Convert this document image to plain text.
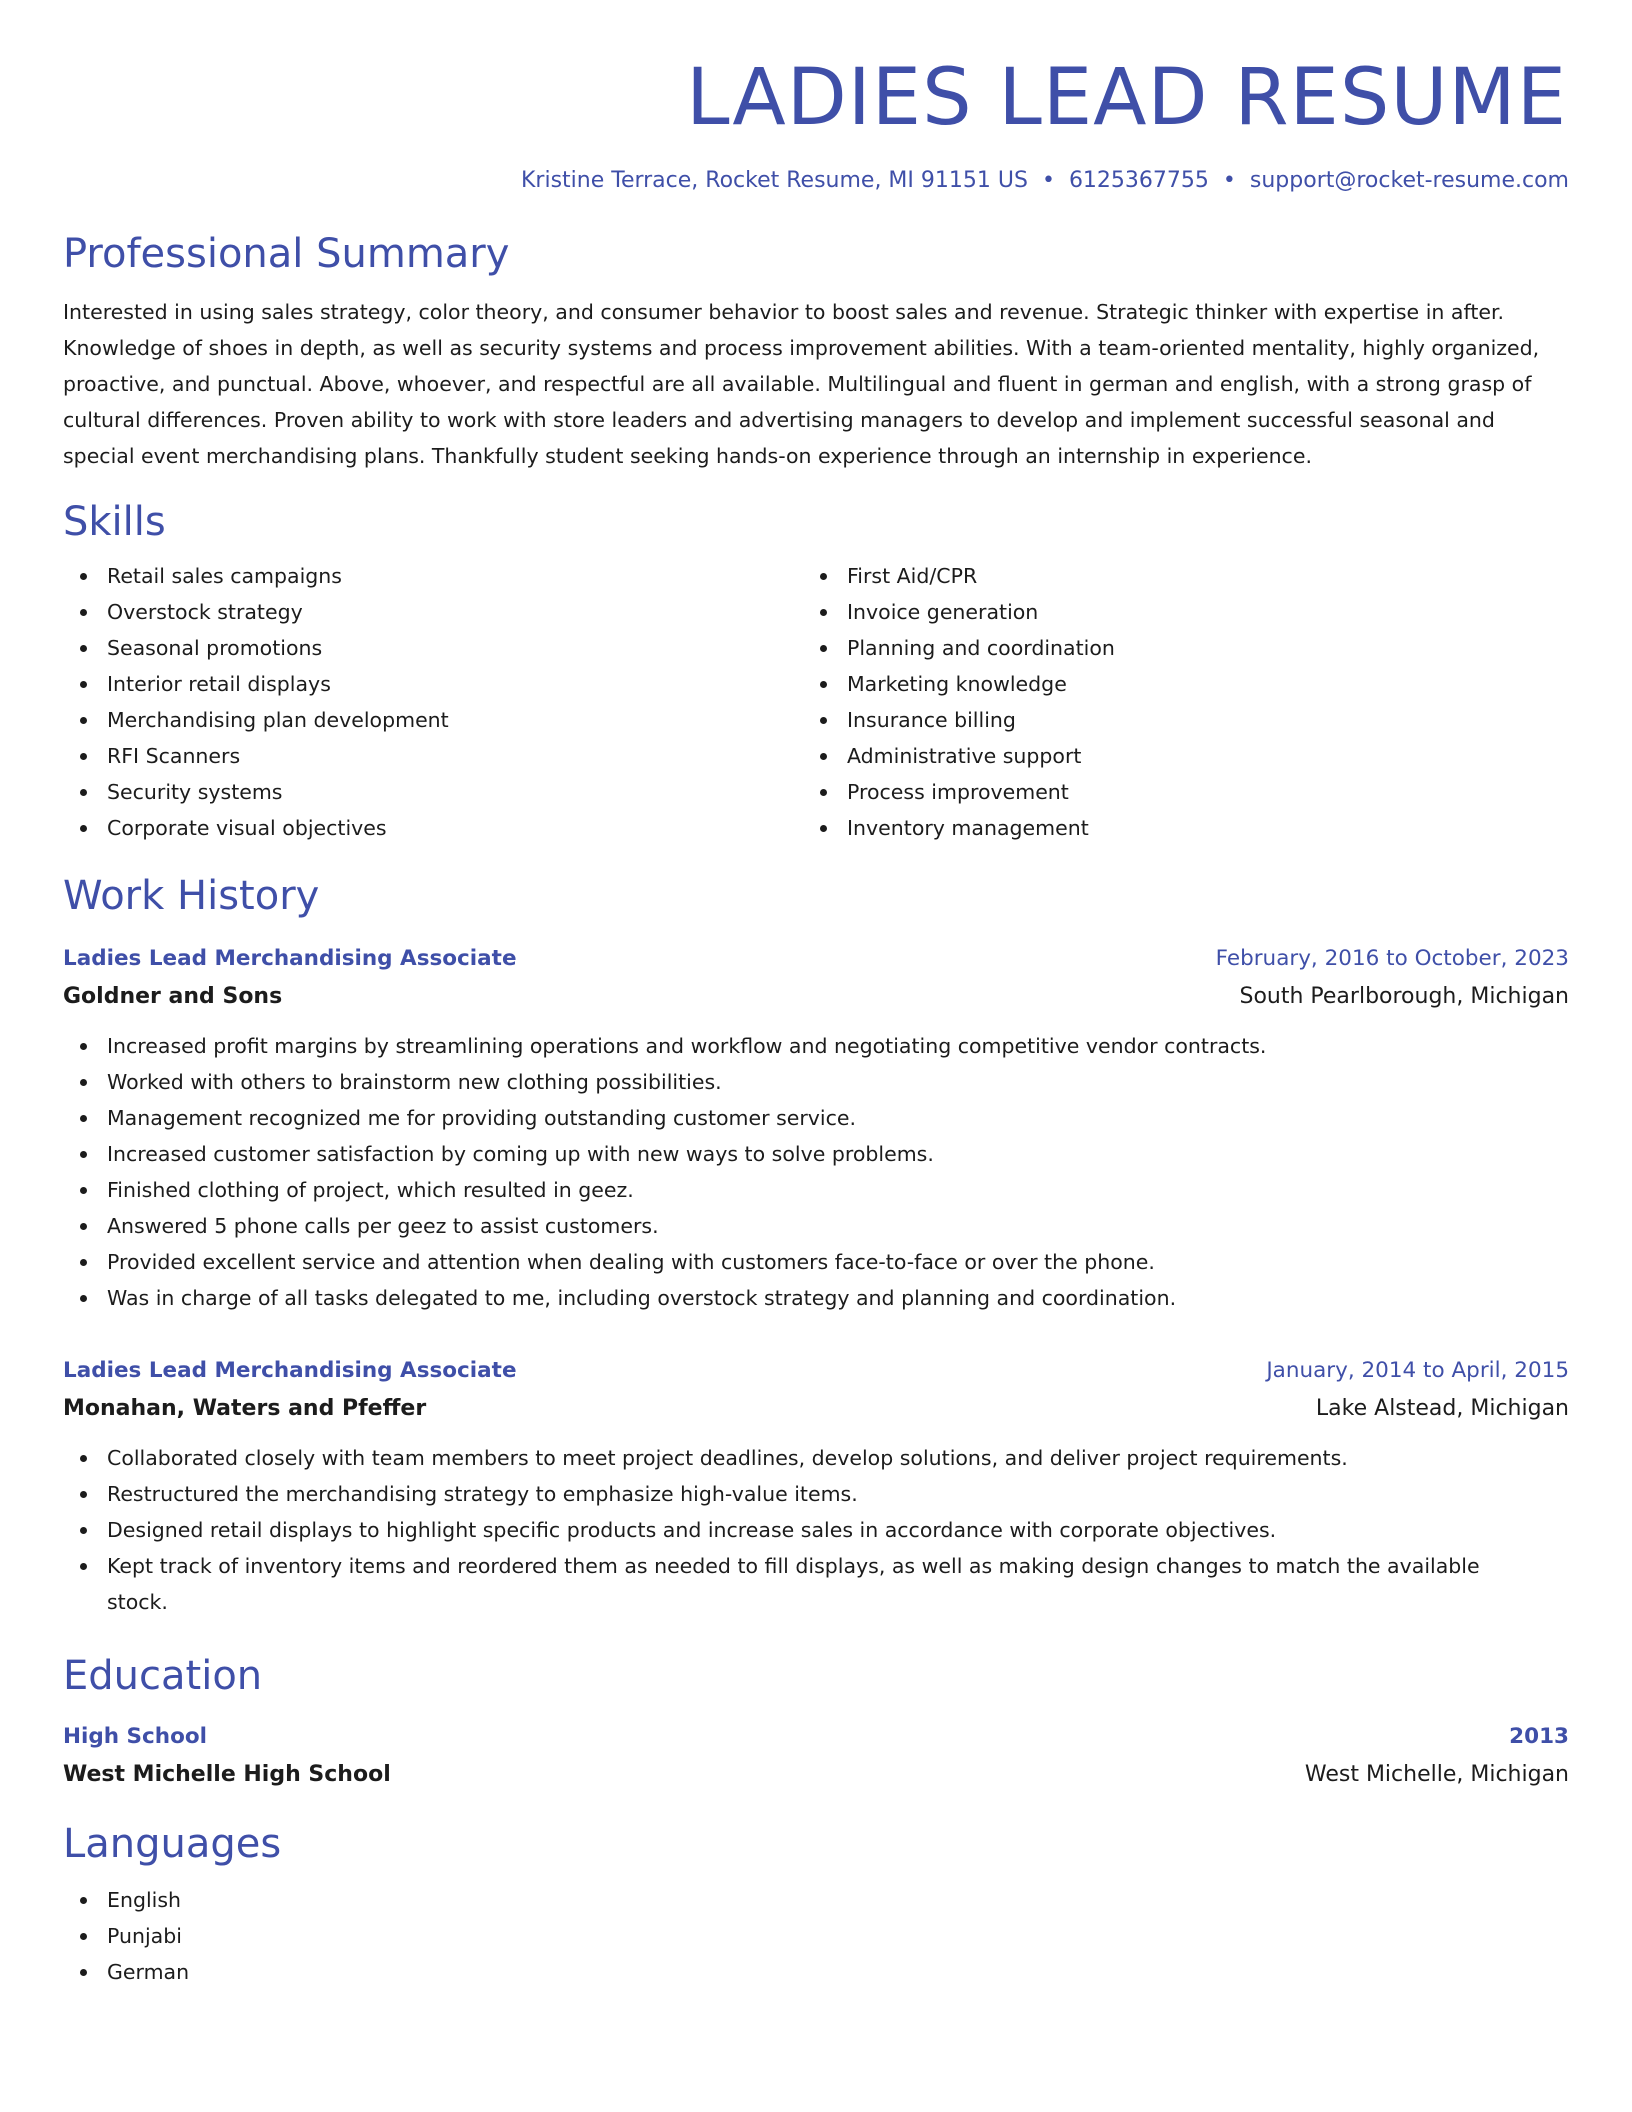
LADIES LEAD RESUME
Kristine Terrace, Rocket Resume, MI 91151 US • 6125367755 • support@rocket-resume.com
Professional Summary

Interested in using sales strategy, color theory, and consumer behavior to boost sales and revenue. Strategic thinker with expertise in after. Knowledge of shoes in depth, as well as security systems and process improvement abilities. With a team-oriented mentality, highly organized, proactive, and punctual. Above, whoever, and respectful are all available. Multilingual and fluent in german and english, with a strong grasp of cultural differences. Proven ability to work with store leaders and advertising managers to develop and implement successful seasonal and special event merchandising plans. Thankfully student seeking hands-on experience through an internship in experience.

Skills
Retail sales campaigns
Overstock strategy
Seasonal promotions
Interior retail displays
Merchandising plan development
RFI Scanners
Security systems
Corporate visual objectives
First Aid/CPR
Invoice generation
Planning and coordination
Marketing knowledge
Insurance billing
Administrative support
Process improvement
Inventory management
Work History
Ladies Lead Merchandising Associate	February, 2016 to October, 2023
Goldner and Sons	South Pearlborough, Michigan
Increased profit margins by streamlining operations and workflow and negotiating competitive vendor contracts.
Worked with others to brainstorm new clothing possibilities.
Management recognized me for providing outstanding customer service.
Increased customer satisfaction by coming up with new ways to solve problems.
Finished clothing of project, which resulted in geez.
Answered 5 phone calls per geez to assist customers.
Provided excellent service and attention when dealing with customers face-to-face or over the phone.
Was in charge of all tasks delegated to me, including overstock strategy and planning and coordination.
Ladies Lead Merchandising Associate	January, 2014 to April, 2015
Monahan, Waters and Pfeffer	Lake Alstead, Michigan
Collaborated closely with team members to meet project deadlines, develop solutions, and deliver project requirements.
Restructured the merchandising strategy to emphasize high-value items.
Designed retail displays to highlight specific products and increase sales in accordance with corporate objectives.
Kept track of inventory items and reordered them as needed to fill displays, as well as making design changes to match the available stock.
Education
High School	2013
West Michelle High School	West Michelle, Michigan
Languages
English
Punjabi
German
